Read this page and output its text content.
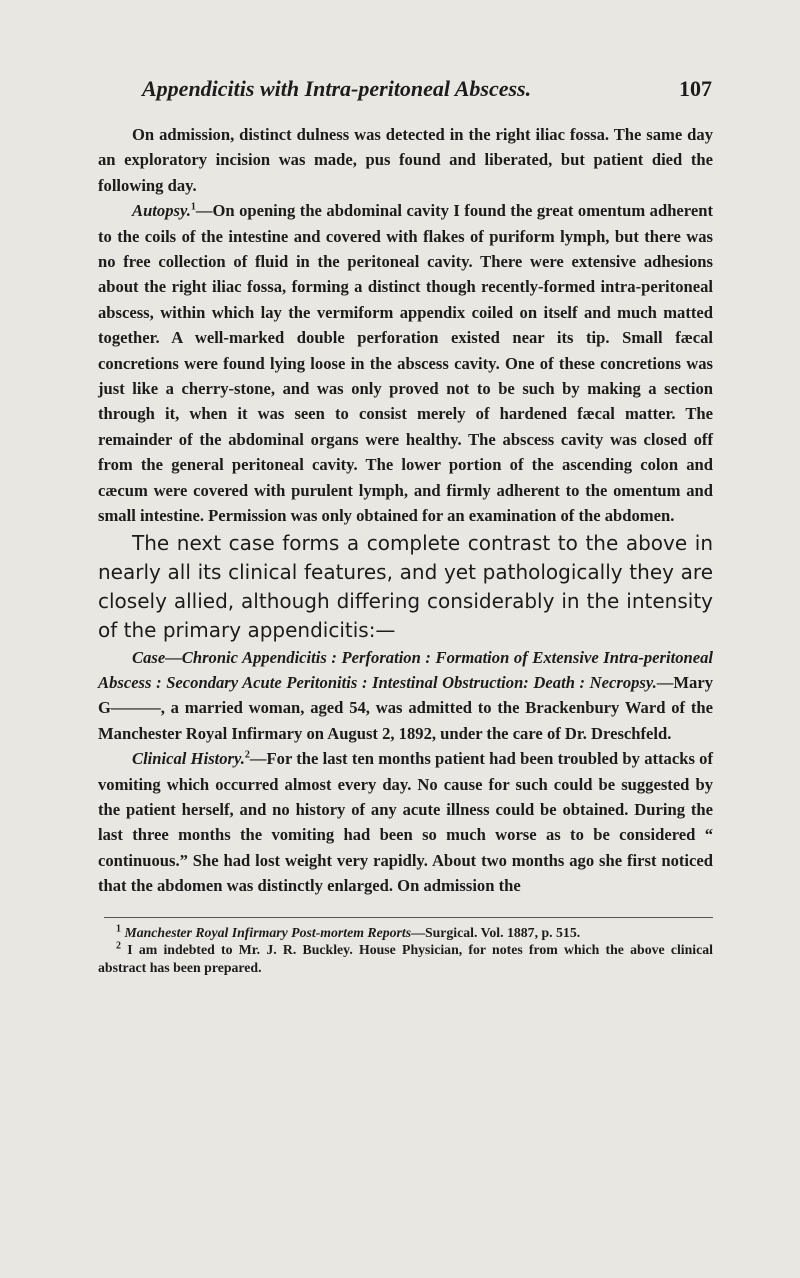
Appendicitis with Intra-peritoneal Abscess.	107

On admission, distinct dulness was detected in the right iliac fossa. The same day an exploratory incision was made, pus found and liberated, but patient died the following day.

Autopsy.$^1$—On opening the abdominal cavity I found the great omentum adherent to the coils of the intestine and covered with flakes of puriform lymph, but there was no free collection of fluid in the peritoneal cavity. There were extensive adhesions about the right iliac fossa, forming a distinct though recently-formed intra-peritoneal abscess, within which lay the vermiform appendix coiled on itself and much matted together. A well-marked double perforation existed near its tip. Small fæcal concretions were found lying loose in the abscess cavity. One of these concretions was just like a cherry-stone, and was only proved not to be such by making a section through it, when it was seen to consist merely of hardened fæcal matter. The remainder of the abdominal organs were healthy. The abscess cavity was closed off from the general peritoneal cavity. The lower portion of the ascending colon and cæcum were covered with purulent lymph, and firmly adherent to the omentum and small intestine. Permission was only obtained for an examination of the abdomen.

The next case forms a complete contrast to the above in nearly all its clinical features, and yet pathologically they are closely allied, although differing considerably in the intensity of the primary appendicitis:—

Case—Chronic Appendicitis : Perforation : Formation of Extensive Intra-peritoneal Abscess : Secondary Acute Peritonitis : Intestinal Obstruction: Death : Necropsy.—Mary G———, a married woman, aged 54, was admitted to the Brackenbury Ward of the Manchester Royal Infirmary on August 2, 1892, under the care of Dr. Dreschfeld.

Clinical History.$^2$—For the last ten months patient had been troubled by attacks of vomiting which occurred almost every day. No cause for such could be suggested by the patient herself, and no history of any acute illness could be obtained. During the last three months the vomiting had been so much worse as to be considered “ continuous.” She had lost weight very rapidly. About two months ago she first noticed that the abdomen was distinctly enlarged. On admission the

$^1$ Manchester Royal Infirmary Post-mortem Reports—Surgical. Vol. 1887, p. 515.

$^2$ I am indebted to Mr. J. R. Buckley. House Physician, for notes from which the above clinical abstract has been prepared.
